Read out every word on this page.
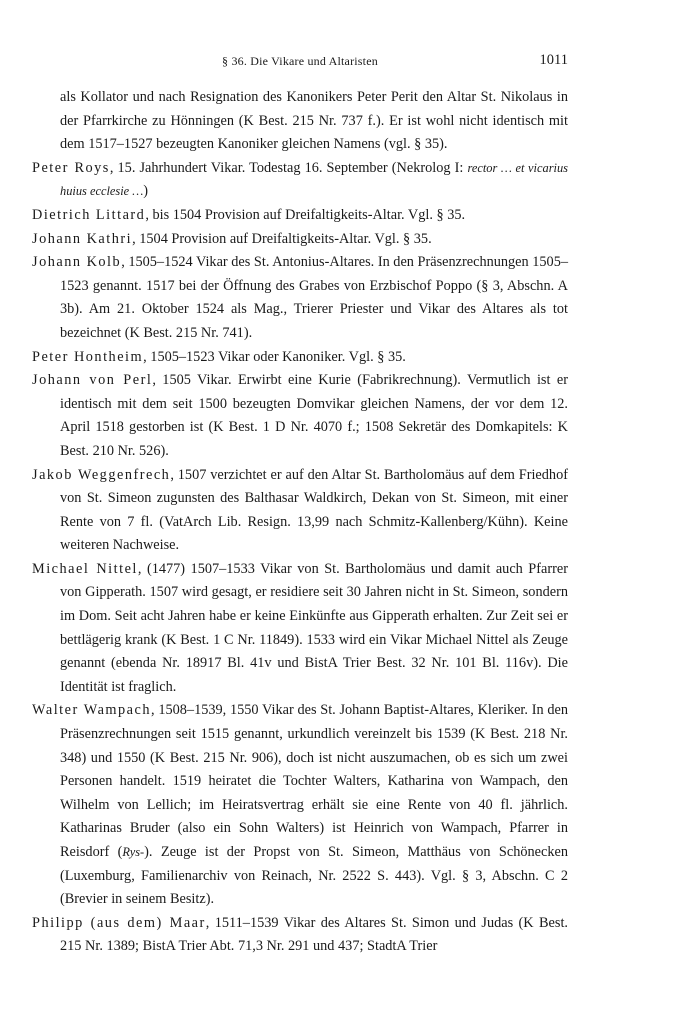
§ 36. Die Vikare und Altaristen	1011

als Kollator und nach Resignation des Kanonikers Peter Perit den Altar St. Nikolaus in der Pfarrkirche zu Hönningen (K Best. 215 Nr. 737 f.). Er ist wohl nicht identisch mit dem 1517–1527 bezeugten Kanoniker gleichen Namens (vgl. § 35).

Peter Roys, 15. Jahrhundert Vikar. Todestag 16. September (Nekrolog I: rector … et vicarius huius ecclesie …)

Dietrich Littard, bis 1504 Provision auf Dreifaltigkeits-Altar. Vgl. § 35.

Johann Kathri, 1504 Provision auf Dreifaltigkeits-Altar. Vgl. § 35.

Johann Kolb, 1505–1524 Vikar des St. Antonius-Altares. In den Präsenzrechnungen 1505–1523 genannt. 1517 bei der Öffnung des Grabes von Erzbischof Poppo (§ 3, Abschn. A 3b). Am 21. Oktober 1524 als Mag., Trierer Priester und Vikar des Altares als tot bezeichnet (K Best. 215 Nr. 741).

Peter Hontheim, 1505–1523 Vikar oder Kanoniker. Vgl. § 35.

Johann von Perl, 1505 Vikar. Erwirbt eine Kurie (Fabrikrechnung). Vermutlich ist er identisch mit dem seit 1500 bezeugten Domvikar gleichen Namens, der vor dem 12. April 1518 gestorben ist (K Best. 1 D Nr. 4070 f.; 1508 Sekretär des Domkapitels: K Best. 210 Nr. 526).

Jakob Weggenfrech, 1507 verzichtet er auf den Altar St. Bartholomäus auf dem Friedhof von St. Simeon zugunsten des Balthasar Waldkirch, Dekan von St. Simeon, mit einer Rente von 7 fl. (VatArch Lib. Resign. 13,99 nach Schmitz-Kallenberg/Kühn). Keine weiteren Nachweise.

Michael Nittel, (1477) 1507–1533 Vikar von St. Bartholomäus und damit auch Pfarrer von Gipperath. 1507 wird gesagt, er residiere seit 30 Jahren nicht in St. Simeon, sondern im Dom. Seit acht Jahren habe er keine Einkünfte aus Gipperath erhalten. Zur Zeit sei er bettlägerig krank (K Best. 1 C Nr. 11849). 1533 wird ein Vikar Michael Nittel als Zeuge genannt (ebenda Nr. 18917 Bl. 41v und BistA Trier Best. 32 Nr. 101 Bl. 116v). Die Identität ist fraglich.

Walter Wampach, 1508–1539, 1550 Vikar des St. Johann Baptist-Altares, Kleriker. In den Präsenzrechnungen seit 1515 genannt, urkundlich vereinzelt bis 1539 (K Best. 218 Nr. 348) und 1550 (K Best. 215 Nr. 906), doch ist nicht auszumachen, ob es sich um zwei Personen handelt. 1519 heiratet die Tochter Walters, Katharina von Wampach, den Wilhelm von Lellich; im Heiratsvertrag erhält sie eine Rente von 40 fl. jährlich. Katharinas Bruder (also ein Sohn Walters) ist Heinrich von Wampach, Pfarrer in Reisdorf (Rys-). Zeuge ist der Propst von St. Simeon, Matthäus von Schönecken (Luxemburg, Familienarchiv von Reinach, Nr. 2522 S. 443). Vgl. § 3, Abschn. C 2 (Brevier in seinem Besitz).

Philipp (aus dem) Maar, 1511–1539 Vikar des Altares St. Simon und Judas (K Best. 215 Nr. 1389; BistA Trier Abt. 71,3 Nr. 291 und 437; StadtA Trier
